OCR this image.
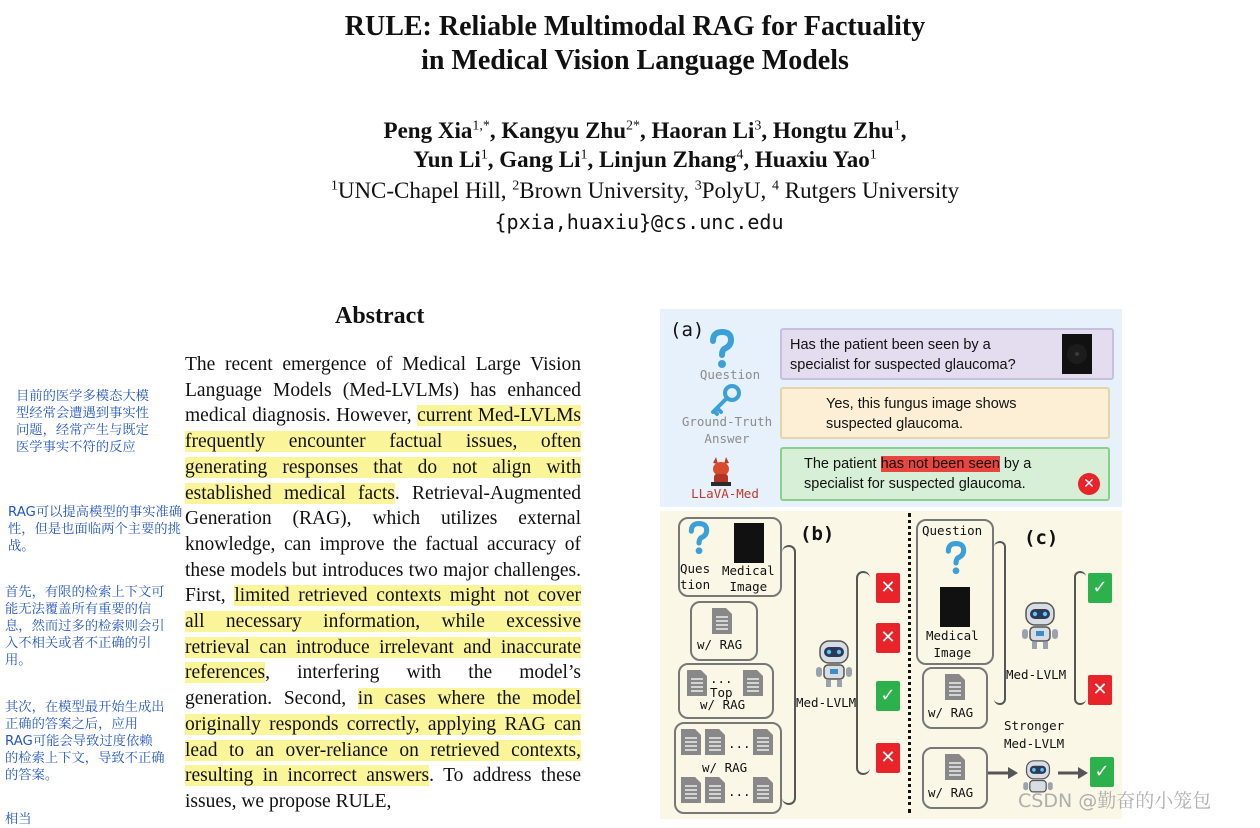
RULE: Reliable Multimodal RAG for Factuality
in Medical Vision Language Models
Peng Xia$^{1,*}$, Kangyu Zhu$^{2*}$, Haoran Li$^3$, Hongtu Zhu$^1$,
Yun Li$^1$, Gang Li$^1$, Linjun Zhang$^4$, Huaxiu Yao$^1$
$^1$UNC-Chapel Hill, $^2$Brown University, $^3$PolyU, $^4$ Rutgers University
{pxia,huaxiu}@cs.unc.edu
Abstract
The recent emergence of Medical Large Vision Language Models (Med-LVLMs) has enhanced medical diagnosis. However, current Med-LVLMs frequently encounter factual issues, often generating responses that do not align with established medical facts. Retrieval-Augmented Generation (RAG), which utilizes external knowledge, can improve the factual accuracy of these models but introduces two major challenges. First, limited retrieved contexts might not cover all necessary information, while excessive retrieval can introduce irrelevant and inaccurate references, interfering with the model’s generation. Second, in cases where the model originally responds correctly, applying RAG can lead to an over-reliance on retrieved contexts, resulting in incorrect answers. To address these issues, we propose RULE,
目前的医学多模态大模型经常会遭遇到事实性问题，经常产生与既定医学事实不符的反应
RAG可以提高模型的事实准确性，但是也面临两个主要的挑战。
首先，有限的检索上下文可能无法覆盖所有重要的信息，然而过多的检索则会引入不相关或者不正确的引用。
其次，在模型最开始生成出正确的答案之后，应用RAG可能会导致过度依赖的检索上下文，导致不正确的答案。
相当
(a)
Question
Ground-Truth
Answer
LLaVA-Med
Has the patient been seen by a
specialist for suspected glaucoma?
Yes, this fungus image shows
suspected glaucoma.
The patient has not been seen by a
specialist for suspected glaucoma.	✕
(b)	(c)
Ques
tion
Medical
Image
w/ RAG
...
Top
w/ RAG
...
w/ RAG
...
Med-LVLM
✕
✕
✓
✕
Question
Medical
Image
w/ RAG
w/ RAG
Med-LVLM
✓
✕
Stronger
Med-LVLM
✓
CSDN @勤奋的小笼包
